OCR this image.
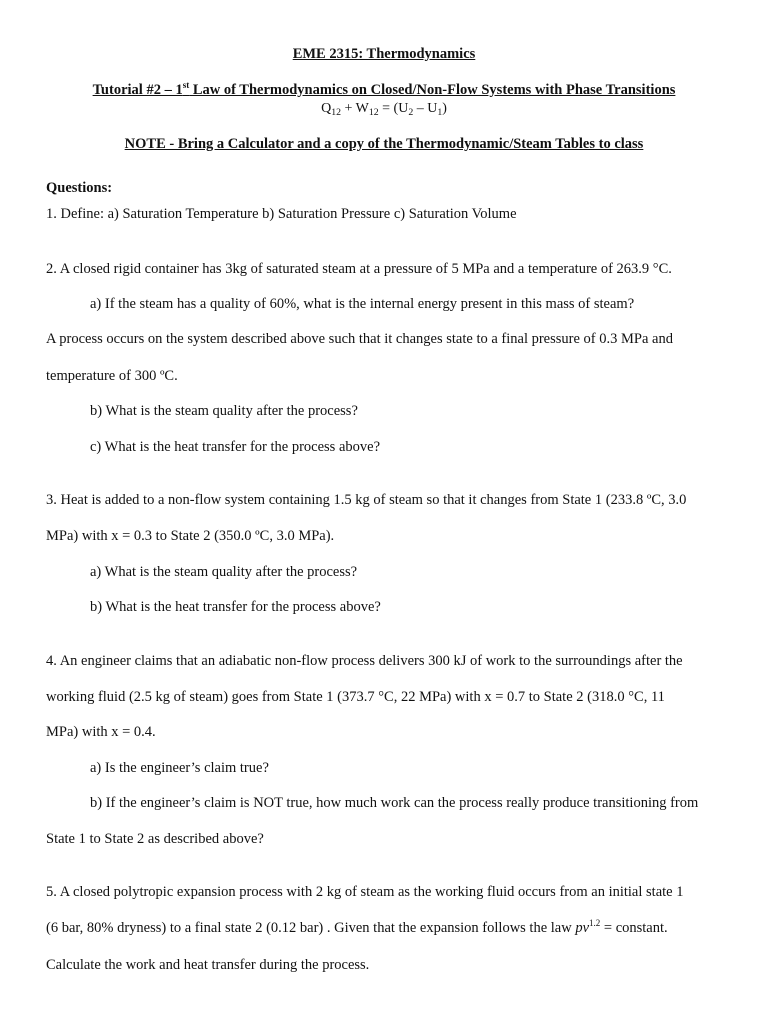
EME 2315: Thermodynamics
Tutorial #2 – 1st Law of Thermodynamics on Closed/Non-Flow Systems with Phase Transitions
$Q_{12} + W_{12} = (U_2 - U_1)$
NOTE - Bring a Calculator and a copy of the Thermodynamic/Steam Tables to class
Questions:
1. Define: a) Saturation Temperature b) Saturation Pressure c) Saturation Volume
2. A closed rigid container has 3kg of saturated steam at a pressure of 5 MPa and a temperature of 263.9 °C.
a) If the steam has a quality of 60%, what is the internal energy present in this mass of steam?
A process occurs on the system described above such that it changes state to a final pressure of 0.3 MPa and
temperature of 300 ºC.
b) What is the steam quality after the process?
c) What is the heat transfer for the process above?
3. Heat is added to a non-flow system containing 1.5 kg of steam so that it changes from State 1 (233.8 ºC, 3.0
MPa) with x = 0.3 to State 2 (350.0 ºC, 3.0 MPa).
a) What is the steam quality after the process?
b) What is the heat transfer for the process above?
4. An engineer claims that an adiabatic non-flow process delivers 300 kJ of work to the surroundings after the
working fluid (2.5 kg of steam) goes from State 1 (373.7 °C, 22 MPa) with x = 0.7 to State 2 (318.0 °C, 11
MPa) with x = 0.4.
a) Is the engineer’s claim true?
b) If the engineer’s claim is NOT true, how much work can the process really produce transitioning from
State 1 to State 2 as described above?
5. A closed polytropic expansion process with 2 kg of steam as the working fluid occurs from an initial state 1
(6 bar, 80% dryness) to a final state 2 (0.12 bar) . Given that the expansion follows the law $pv^{1.2}$ = constant.
Calculate the work and heat transfer during the process.
